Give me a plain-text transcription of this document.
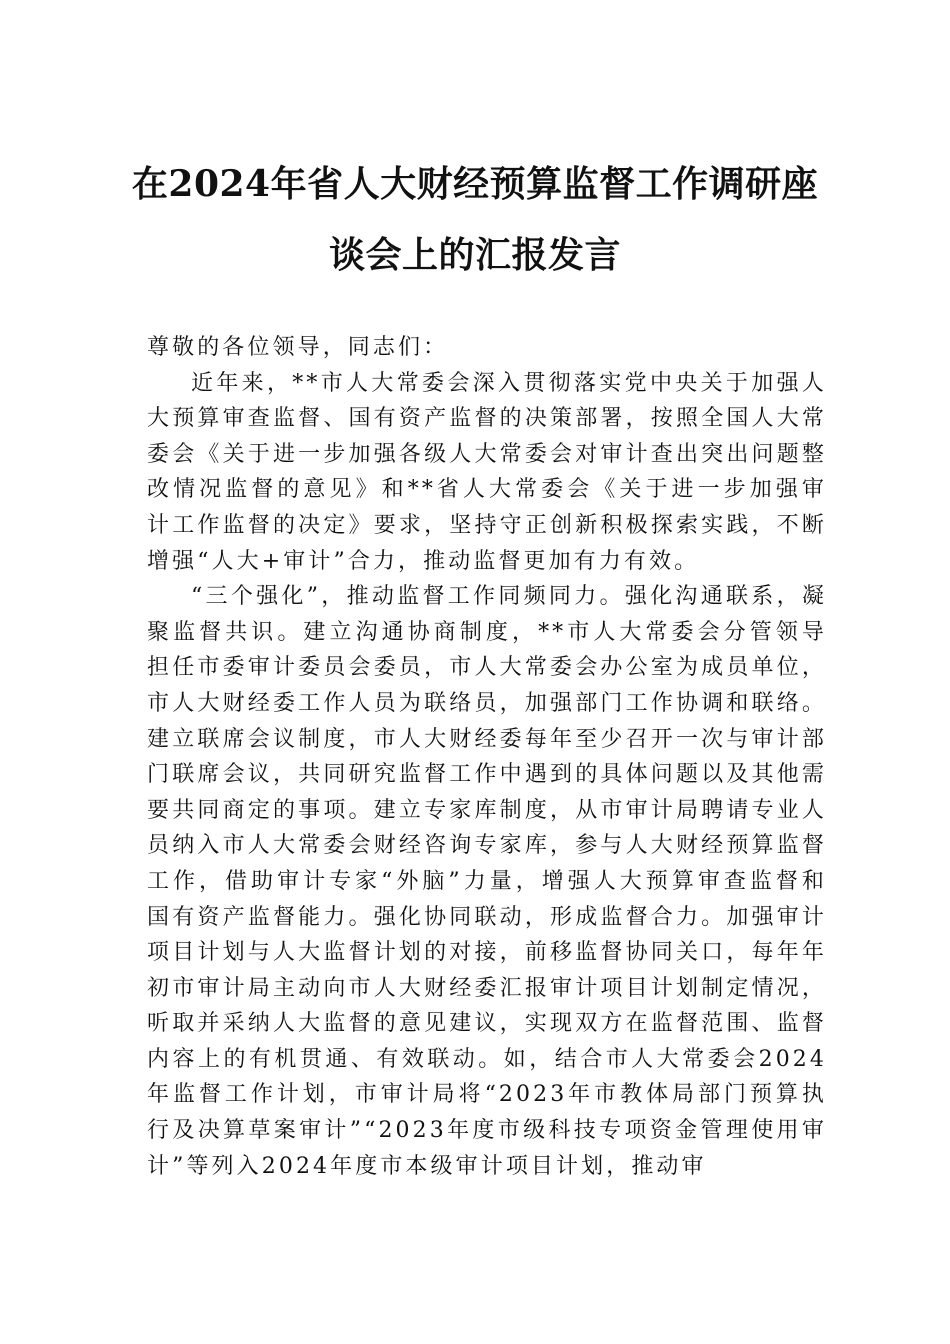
在2024年省人大财经预算监督工作调研座
谈会上的汇报发言

尊敬的各位领导，同志们：

近年来，**市人大常委会深入贯彻落实党中央关于加强人大预算审查监督、国有资产监督的决策部署，按照全国人大常委会《关于进一步加强各级人大常委会对审计查出突出问题整改情况监督的意见》和**省人大常委会《关于进一步加强审计工作监督的决定》要求，坚持守正创新积极探索实践，不断增强“人大+审计”合力，推动监督更加有力有效。

“三个强化”，推动监督工作同频同力。强化沟通联系，凝聚监督共识。建立沟通协商制度，**市人大常委会分管领导担任市委审计委员会委员，市人大常委会办公室为成员单位，市人大财经委工作人员为联络员，加强部门工作协调和联络。建立联席会议制度，市人大财经委每年至少召开一次与审计部门联席会议，共同研究监督工作中遇到的具体问题以及其他需要共同商定的事项。建立专家库制度，从市审计局聘请专业人员纳入市人大常委会财经咨询专家库，参与人大财经预算监督工作，借助审计专家“外脑”力量，增强人大预算审查监督和国有资产监督能力。强化协同联动，形成监督合力。加强审计项目计划与人大监督计划的对接，前移监督协同关口，每年年初市审计局主动向市人大财经委汇报审计项目计划制定情况，听取并采纳人大监督的意见建议，实现双方在监督范围、监督内容上的有机贯通、有效联动。如，结合市人大常委会2024年监督工作计划，市审计局将“2023年市教体局部门预算执行及决算草案审计”“2023年度市级科技专项资金管理使用审计”等列入2024年度市本级审计项目计划，推动审
